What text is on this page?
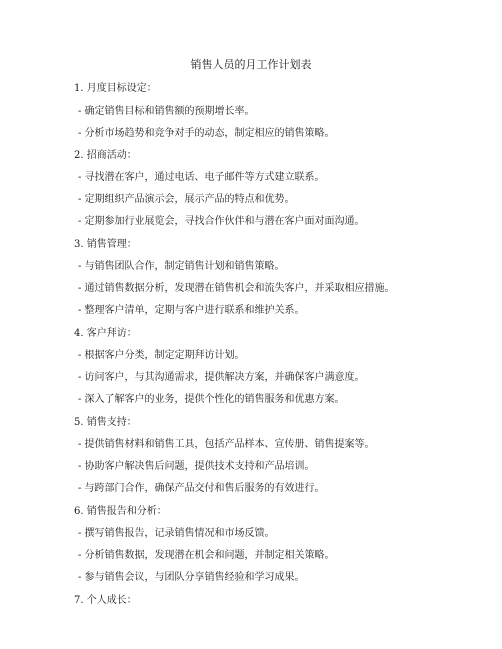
销售人员的月工作计划表
1. 月度目标设定：
- 确定销售目标和销售额的预期增长率。
- 分析市场趋势和竞争对手的动态，制定相应的销售策略。
2. 招商活动：
- 寻找潜在客户，通过电话、电子邮件等方式建立联系。
- 定期组织产品演示会，展示产品的特点和优势。
- 定期参加行业展览会，寻找合作伙伴和与潜在客户面对面沟通。
3. 销售管理：
- 与销售团队合作，制定销售计划和销售策略。
- 通过销售数据分析，发现潜在销售机会和流失客户，并采取相应措施。
- 整理客户清单，定期与客户进行联系和维护关系。
4. 客户拜访：
- 根据客户分类，制定定期拜访计划。
- 访问客户，与其沟通需求，提供解决方案，并确保客户满意度。
- 深入了解客户的业务，提供个性化的销售服务和优惠方案。
5. 销售支持：
- 提供销售材料和销售工具，包括产品样本、宣传册、销售提案等。
- 协助客户解决售后问题，提供技术支持和产品培训。
- 与跨部门合作，确保产品交付和售后服务的有效进行。
6. 销售报告和分析：
- 撰写销售报告，记录销售情况和市场反馈。
- 分析销售数据，发现潜在机会和问题，并制定相关策略。
- 参与销售会议，与团队分享销售经验和学习成果。
7. 个人成长：
